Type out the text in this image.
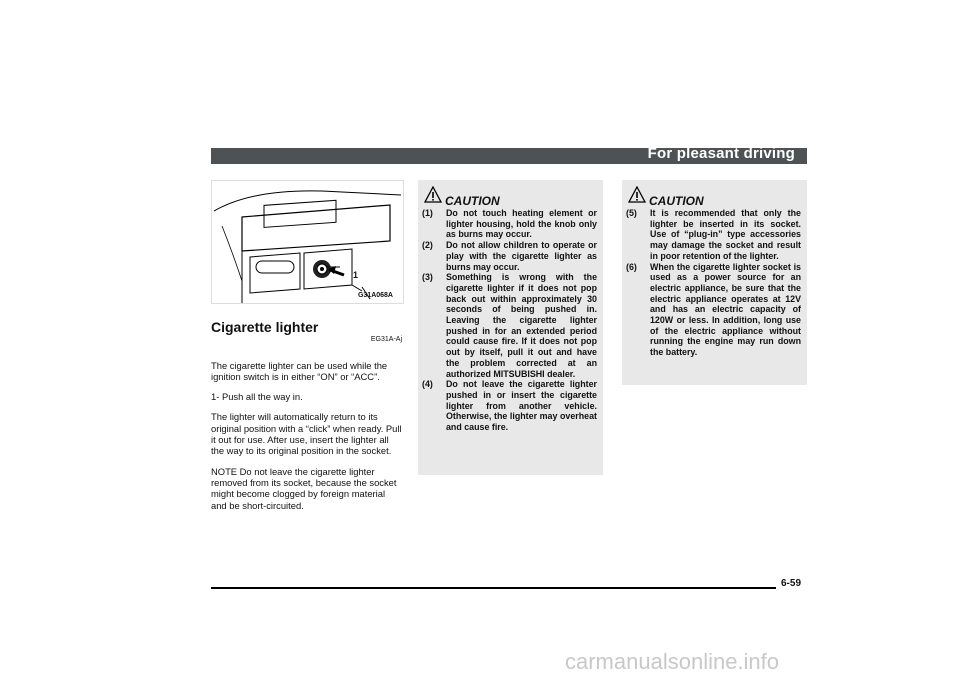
For pleasant driving
1
G31A068A
Cigarette lighter
EG31A-Aj

The cigarette lighter can be used while the ignition switch is in either “ON” or “ACC”.

1- Push all the way in.

The lighter will automatically return to its original position with a “click” when ready. Pull it out for use. After use, insert the lighter all the way to its original position in the socket.

NOTE Do not leave the cigarette lighter removed from its socket, because the socket might become clogged by foreign material and be short-circuited.

CAUTION
(1) Do not touch heating element or lighter housing, hold the knob only as burns may occur.
(2) Do not allow children to operate or play with the cigarette lighter as burns may occur.
(3) Something is wrong with the cigarette lighter if it does not pop back out within approximately 30 seconds of being pushed in. Leaving the cigarette lighter pushed in for an extended period could cause fire. If it does not pop out by itself, pull it out and have the problem corrected at an authorized MITSUBISHI dealer.
(4) Do not leave the cigarette lighter pushed in or insert the cigarette lighter from another vehicle. Otherwise, the lighter may overheat and cause fire.
CAUTION
(5) It is recommended that only the lighter be inserted in its socket. Use of “plug-in” type accessories may damage the socket and result in poor retention of the lighter.
(6) When the cigarette lighter socket is used as a power source for an electric appliance, be sure that the electric appliance operates at 12V and has an electric capacity of 120W or less. In addition, long use of the electric appliance without running the engine may run down the battery.
6-59
carmanualsonline.info
